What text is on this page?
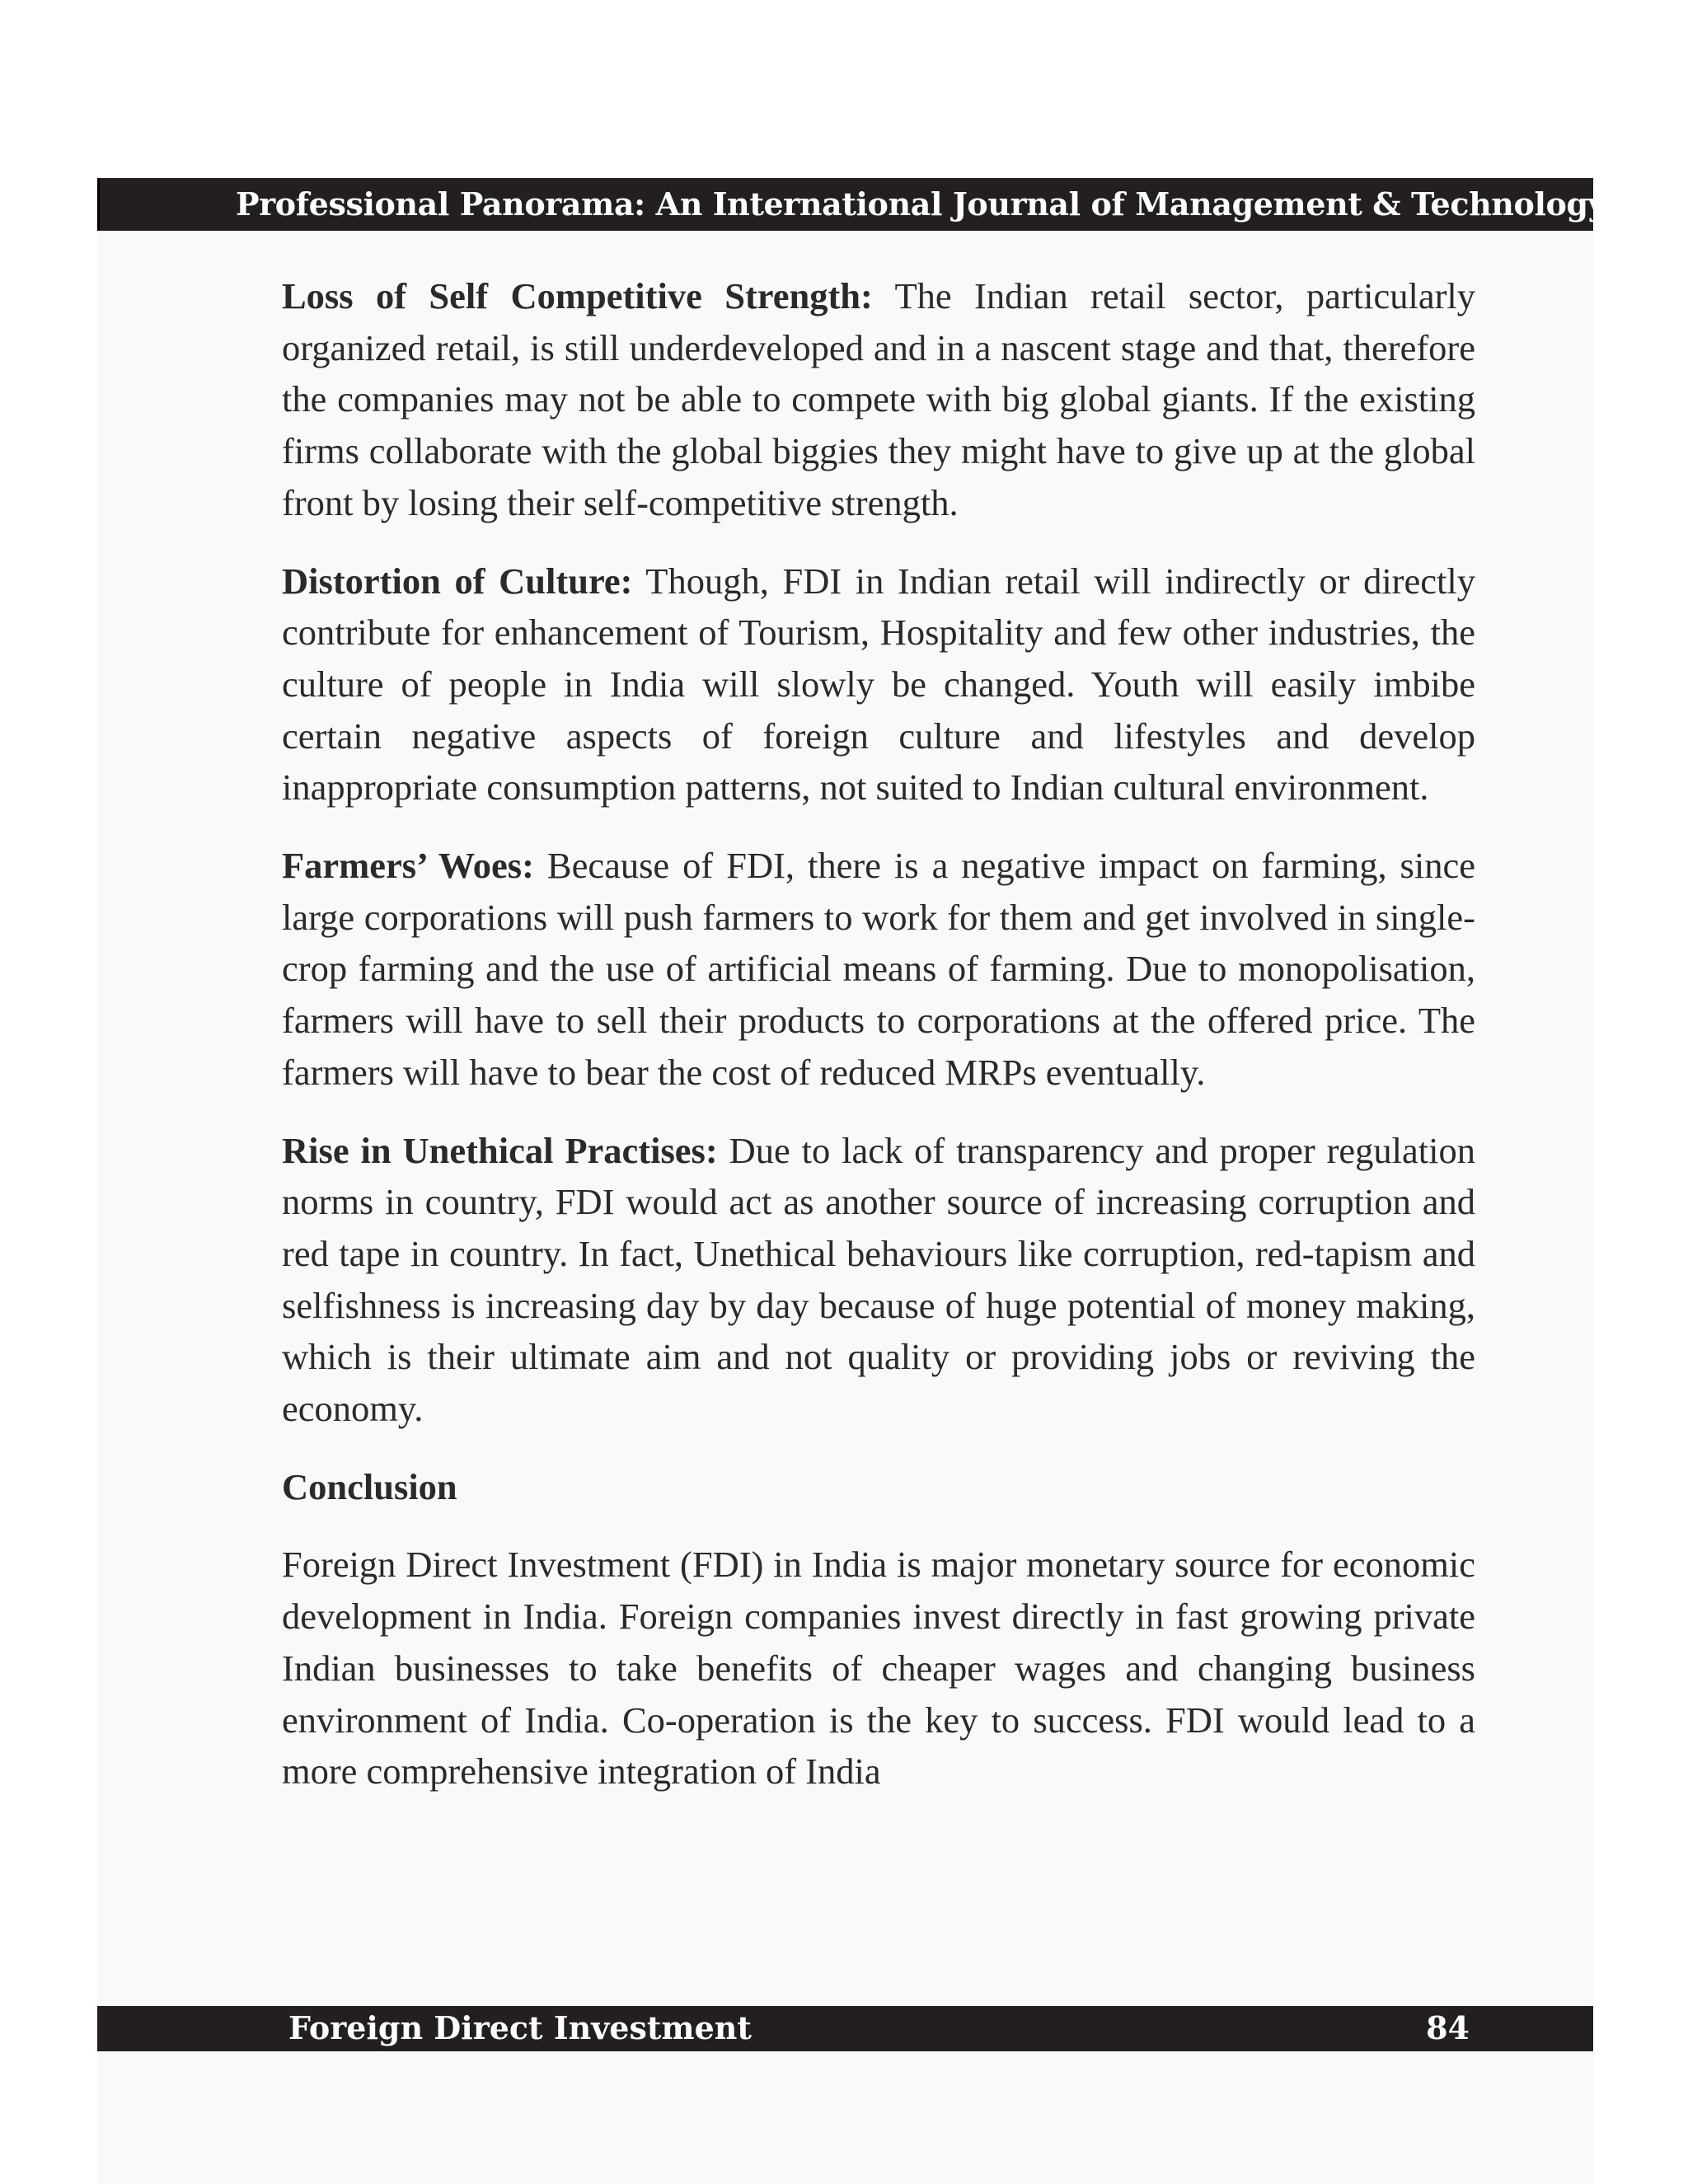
Professional Panorama: An International Journal of Management & Technology

Loss of Self Competitive Strength: The Indian retail sector, particularly organized retail, is still underdeveloped and in a nascent stage and that, therefore the companies may not be able to compete with big global giants. If the existing firms collaborate with the global biggies they might have to give up at the global front by losing their self-competitive strength.

Distortion of Culture: Though, FDI in Indian retail will indirectly or directly contribute for enhancement of Tourism, Hospitality and few other industries, the culture of people in India will slowly be changed. Youth will easily imbibe certain negative aspects of foreign culture and lifestyles and develop inappropriate consumption patterns, not suited to Indian cultural environment.

Farmers’ Woes: Because of FDI, there is a negative impact on farming, since large corporations will push farmers to work for them and get involved in single-crop farming and the use of artificial means of farming. Due to monopolisation, farmers will have to sell their products to corporations at the offered price. The farmers will have to bear the cost of reduced MRPs eventually.

Rise in Unethical Practises: Due to lack of transparency and proper regulation norms in country, FDI would act as another source of increasing corruption and red tape in country. In fact, Unethical behaviours like corruption, red-tapism and selfishness is increasing day by day because of huge potential of money making, which is their ultimate aim and not quality or providing jobs or reviving the economy.

Conclusion

Foreign Direct Investment (FDI) in India is major monetary source for economic development in India. Foreign companies invest directly in fast growing private Indian businesses to take benefits of cheaper wages and changing business environment of India. Co-operation is the key to success. FDI would lead to a more comprehensive integration of India

Foreign Direct Investment	84
